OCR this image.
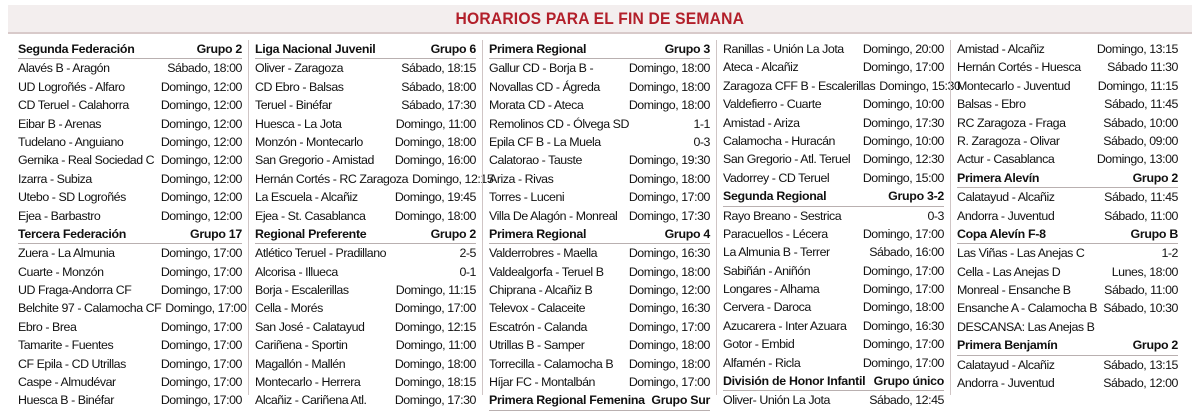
HORARIOS PARA EL FIN DE SEMANA
Segunda Federación	Grupo 2
Alavés B - Aragón	Sábado, 18:00
UD Logroñés - Alfaro	Domingo, 12:00
CD Teruel - Calahorra	Domingo, 12:00
Eibar B - Arenas	Domingo, 12:00
Tudelano - Anguiano	Domingo, 12:00
Gernika - Real Sociedad C Domingo, 12:00
Izarra - Subiza	Domingo, 12:00
Utebo - SD Logroñés	Domingo, 12:00
Ejea - Barbastro	Domingo, 12:00
Tercera Federación	Grupo 17
Zuera - La Almunia	Domingo, 17:00
Cuarte - Monzón	Domingo, 17:00
UD Fraga-Andorra CF	Domingo, 17:00
Belchite 97 - Calamocha CF Domingo, 17:00
Ebro - Brea	Domingo, 17:00
Tamarite - Fuentes	Domingo, 17:00
CF Epila - CD Utrillas	Domingo, 17:00
Caspe - Almudévar	Domingo, 17:00
Huesca B - Binéfar	Domingo, 17:00
Liga Nacional Juvenil	Grupo 6
Oliver - Zaragoza	Sábado, 18:15
CD Ebro - Balsas	Sábado, 18:00
Teruel - Binéfar	Sábado, 17:30
Huesca - La Jota	Domingo, 11:00
Monzón - Montecarlo	Domingo, 18:00
San Gregorio - Amistad	Domingo, 16:00
Hernán Cortés - RC Zaragoza Domingo, 12:15
La Escuela - Alcañiz	Domingo, 19:45
Ejea - St. Casablanca	Domingo, 18:00
Regional Preferente	Grupo 2
Atlético Teruel - Pradillano	2-5
Alcorisa - Illueca	0-1
Borja - Escalerillas	Domingo, 11:15
Cella - Morés	Domingo, 17:00
San José - Calatayud	Domingo, 12:15
Cariñena - Sportin	Domingo, 11:00
Magallón - Mallén	Domingo, 18:00
Montecarlo - Herrera	Domingo, 18:15
Alcañiz - Cariñena Atl.	Domingo, 17:30
Primera Regional	Grupo 3
Gallur CD - Borja B -	Domingo, 18:00
Novallas CD - Ágreda	Domingo, 18:00
Morata CD - Ateca	Domingo, 18:00
Remolinos CD - Ólvega SD	1-1
Epila CF B - La Muela	0-3
Calatorao - Tauste	Domingo, 19:30
Ariza - Rivas	Domingo, 18:00
Torres - Luceni	Domingo, 17:00
Villa De Alagón - Monreal Domingo, 17:30
Primera Regional	Grupo 4
Valderrobres - Maella	Domingo, 16:30
Valdealgorfa - Teruel B	Domingo, 18:00
Chiprana - Alcañiz B	Domingo, 12:00
Televox - Calaceite	Domingo, 16:30
Escatrón - Calanda	Domingo, 17:00
Utrillas B - Samper	Domingo, 18:00
Torrecilla - Calamocha B	Domingo, 18:00
Híjar FC - Montalbán	Domingo, 17:00
Primera Regional Femenina Grupo Sur
Ranillas - Unión La Jota	Domingo, 20:00
Ateca - Alcañiz	Domingo, 17:00
Zaragoza CFF B - Escalerillas Domingo, 15:30
Valdefierro - Cuarte	Domingo, 10:00
Amistad - Ariza	Domingo, 17:30
Calamocha - Huracán	Domingo, 10:00
San Gregorio - Atl. Teruel	Domingo, 12:30
Vadorrey - CD Teruel	Domingo, 15:00
Segunda Regional	Grupo 3-2
Rayo Breano - Sestrica	0-3
Paracuellos - Lécera	Domingo, 17:00
La Almunia B - Terrer	Sábado, 16:00
Sabiñán - Aniñón	Domingo, 17:00
Longares - Alhama	Domingo, 17:00
Cervera - Daroca	Domingo, 18:00
Azucarera - Inter Azuara	Domingo, 16:30
Gotor - Embid	Domingo, 17:00
Alfamén - Ricla	Domingo, 17:00
División de Honor Infantil Grupo único
Oliver- Unión La Jota	Sábado, 12:45
Amistad - Alcañiz	Domingo, 13:15
Hernán Cortés - Huesca	Sábado 11:30
Montecarlo - Juventud	Domingo, 11:15
Balsas - Ebro	Sábado, 11:45
RC Zaragoza - Fraga	Sábado, 10:00
R. Zaragoza - Olivar	Sábado, 09:00
Actur - Casablanca	Domingo, 13:00
Primera Alevín	Grupo 2
Calatayud - Alcañiz	Sábado, 11:45
Andorra - Juventud	Sábado, 11:00
Copa Alevín F-8	Grupo B
Las Viñas - Las Anejas C	1-2
Cella - Las Anejas D	Lunes, 18:00
Monreal - Ensanche B	Sábado, 11:00
Ensanche A - Calamocha B Sábado, 10:30
DESCANSA: Las Anejas B
Primera Benjamín	Grupo 2
Calatayud - Alcañiz	Sábado, 13:15
Andorra - Juventud	Sábado, 12:00
